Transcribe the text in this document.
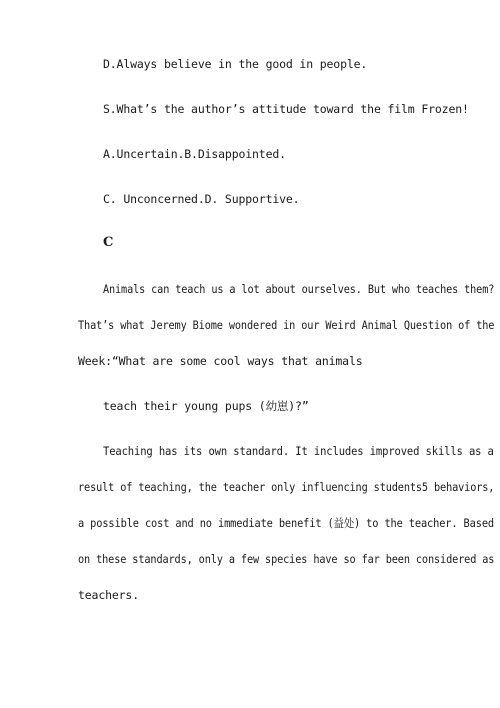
D.Always believe in the good in people.
S.What’s the author’s attitude toward the film Frozen!
A.Uncertain.B.Disappointed.
C. Unconcerned.D. Supportive.
C
Animals can teach us a lot about ourselves. But who teaches them?
That’s what Jeremy Biome wondered in our Weird Animal Question of the
Week:“What are some cool ways that animals
teach their young pups (幼崽)?”
Teaching has its own standard. It includes improved skills as a
result of teaching, the teacher only influencing students5 behaviors,
a possible cost and no immediate benefit (益处) to the teacher. Based
on these standards, only a few species have so far been considered as
teachers.
